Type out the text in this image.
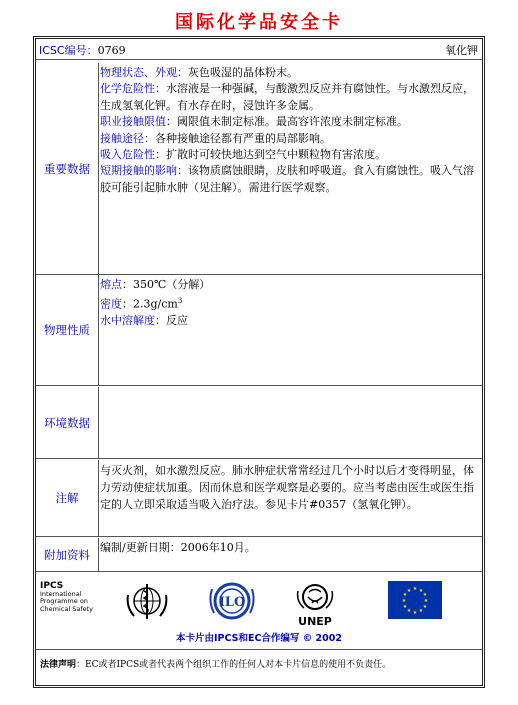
国际化学品安全卡
ICSC编号：0769	氧化钾
重要数据
物理状态、外观：灰色吸湿的晶体粉末。
化学危险性：水溶液是一种强碱，与酸激烈反应并有腐蚀性。与水激烈反应，生成氢氧化钾。有水存在时，浸蚀许多金属。
职业接触限值：阈限值未制定标准。最高容许浓度未制定标准。
接触途径：各种接触途径都有严重的局部影响。
吸入危险性：扩散时可较快地达到空气中颗粒物有害浓度。
短期接触的影响：该物质腐蚀眼睛，皮肤和呼吸道。食入有腐蚀性。吸入气溶胶可能引起肺水肿（见注解）。需进行医学观察。
物理性质
熔点：350℃（分解）
密度：$2.3g/cm^3$
水中溶解度：反应
环境数据
注解
与灭火剂，如水激烈反应。肺水肿症状常常经过几个小时以后才变得明显，体力劳动使症状加重。因而休息和医学观察是必要的。应当考虑由医生或医生指定的人立即采取适当吸入治疗法。参见卡片#0357（氢氧化钾）。
附加资料 编制/更新日期：2006年10月。
IPCS
International
Programme on
Chemical Safety	ILO
UNEP
★ ★
★
★
★
★
★
★
★
★
★
★
本卡片由IPCS和EC合作编写 © 2002
法律声明：EC或者IPCS或者代表两个组织工作的任何人对本卡片信息的使用不负责任。
